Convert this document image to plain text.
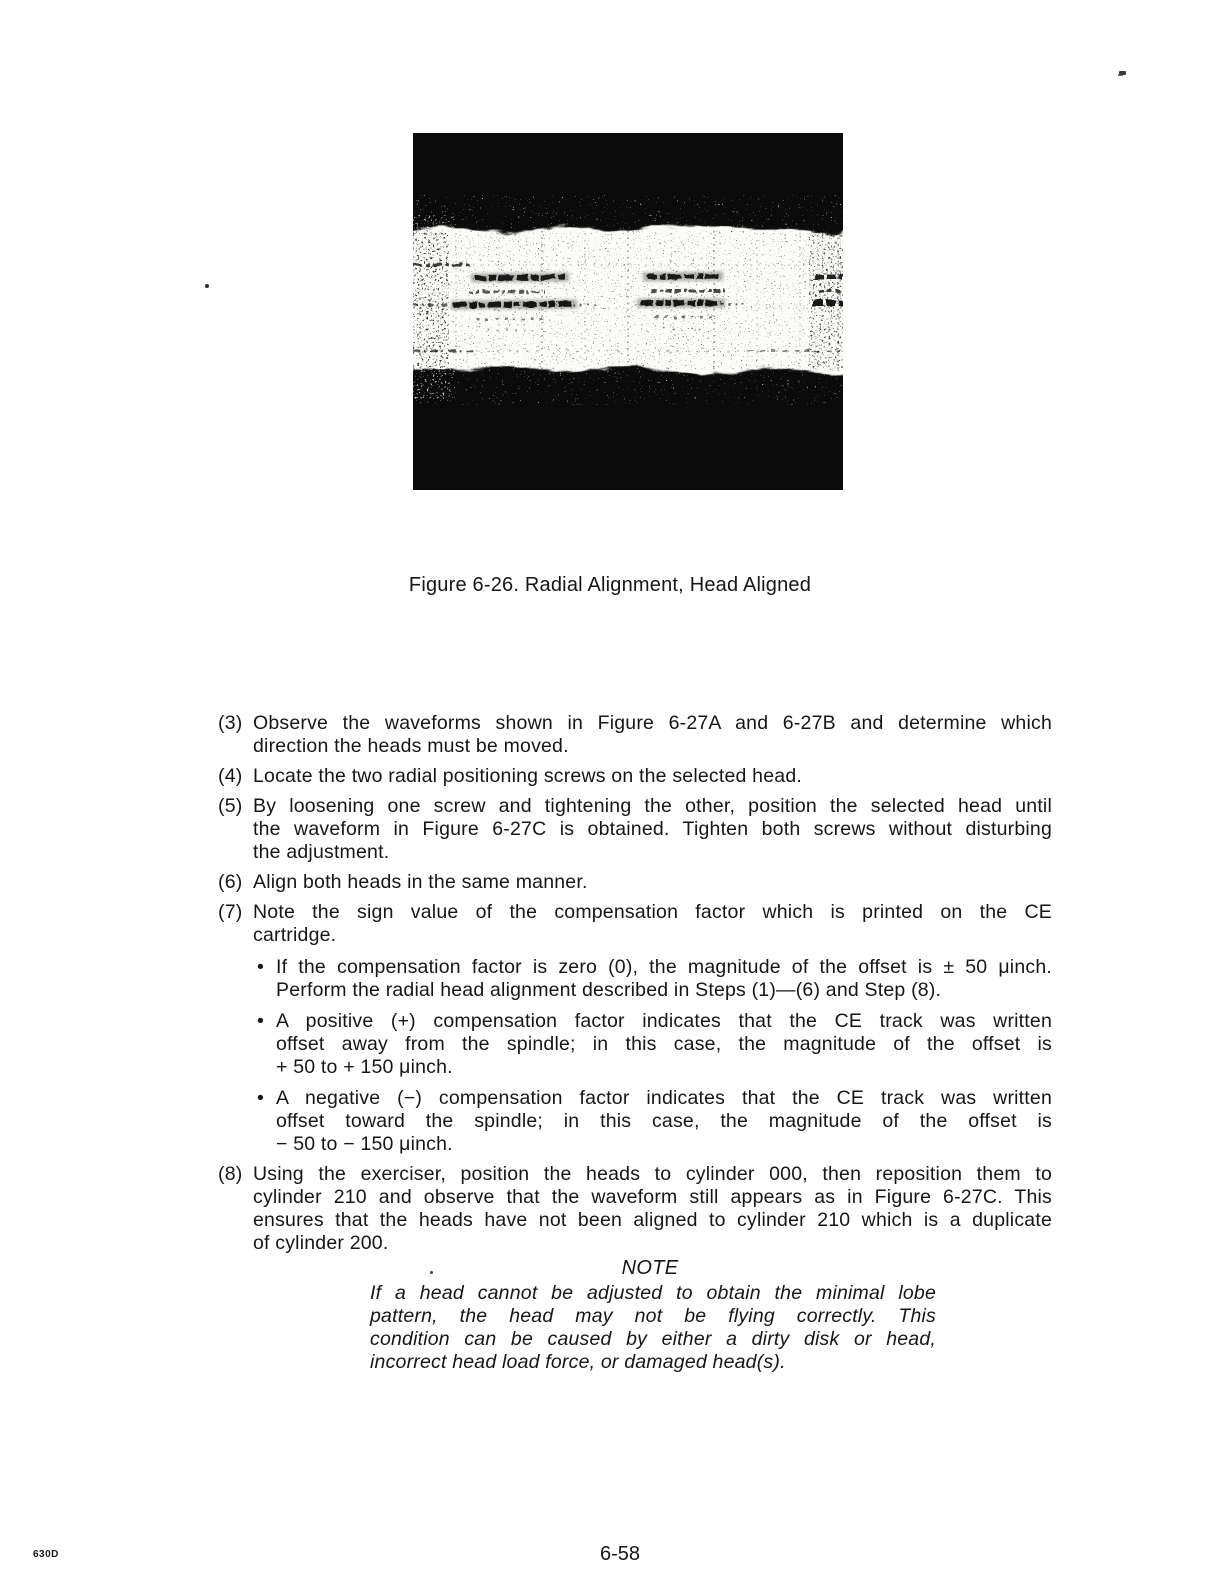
Figure 6-26. Radial Alignment, Head Aligned
(3) Observe the waveforms shown in Figure 6-27A and 6-27B and determine which
direction the heads must be moved.
(4) Locate the two radial positioning screws on the selected head.
(5) By loosening one screw and tightening the other, position the selected head until
the waveform in Figure 6-27C is obtained. Tighten both screws without disturbing
the adjustment.
(6) Align both heads in the same manner.
(7) Note the sign value of the compensation factor which is printed on the CE
cartridge.
• If the compensation factor is zero (0), the magnitude of the offset is ± 50 μinch.
Perform the radial head alignment described in Steps (1)—(6) and Step (8).
• A positive (+) compensation factor indicates that the CE track was written
offset away from the spindle; in this case, the magnitude of the offset is
+ 50 to + 150 μinch.
• A negative (−) compensation factor indicates that the CE track was written
offset toward the spindle; in this case, the magnitude of the offset is
− 50 to − 150 μinch.
(8) Using the exerciser, position the heads to cylinder 000, then reposition them to
cylinder 210 and observe that the waveform still appears as in Figure 6-27C. This
ensures that the heads have not been aligned to cylinder 210 which is a duplicate
of cylinder 200.
NOTE
If a head cannot be adjusted to obtain the minimal lobe
pattern, the head may not be flying correctly. This
condition can be caused by either a dirty disk or head,
incorrect head load force, or damaged head(s).
630D	6-58
